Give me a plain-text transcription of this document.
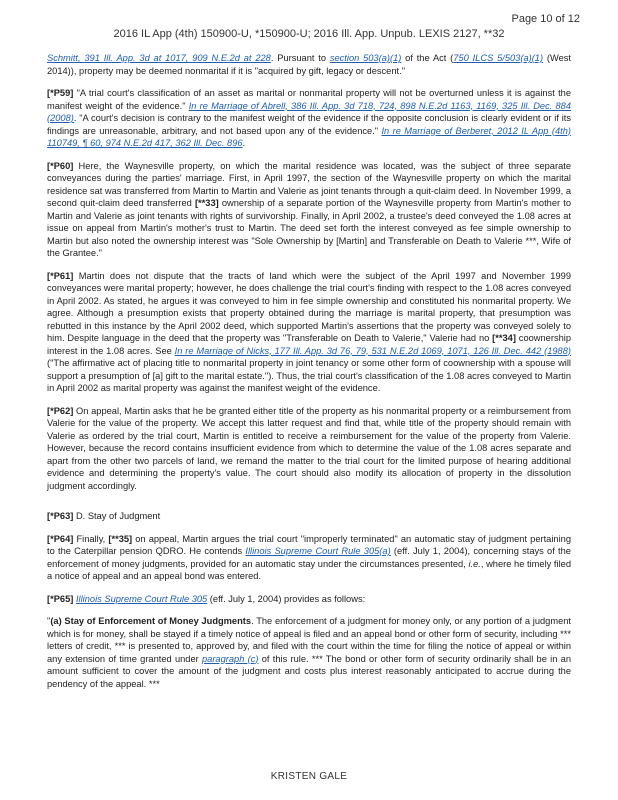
Page 10 of 12
2016 IL App (4th) 150900-U, *150900-U; 2016 Ill. App. Unpub. LEXIS 2127, **32

Schmitt, 391 Ill. App. 3d at 1017, 909 N.E.2d at 228. Pursuant to section 503(a)(1) of the Act (750 ILCS 5/503(a)(1) (West 2014)), property may be deemed nonmarital if it is "acquired by gift, legacy or descent."

[*P59] "A trial court's classification of an asset as marital or nonmarital property will not be overturned unless it is against the manifest weight of the evidence." In re Marriage of Abrell, 386 Ill. App. 3d 718, 724, 898 N.E.2d 1163, 1169, 325 Ill. Dec. 884 (2008). "A court's decision is contrary to the manifest weight of the evidence if the opposite conclusion is clearly evident or if its findings are unreasonable, arbitrary, and not based upon any of the evidence." In re Marriage of Berberet, 2012 IL App (4th) 110749, ¶ 60, 974 N.E.2d 417, 362 Ill. Dec. 896.

[*P60] Here, the Waynesville property, on which the marital residence was located, was the subject of three separate conveyances during the parties' marriage. First, in April 1997, the section of the Waynesville property on which the marital residence sat was transferred from Martin to Martin and Valerie as joint tenants through a quit-claim deed. In November 1999, a second quit-claim deed transferred [**33] ownership of a separate portion of the Waynesville property from Martin's mother to Martin and Valerie as joint tenants with rights of survivorship. Finally, in April 2002, a trustee's deed conveyed the 1.08 acres at issue on appeal from Martin's mother's trust to Martin. The deed set forth the interest conveyed as fee simple ownership to Martin but also noted the ownership interest was "Sole Ownership by [Martin] and Transferable on Death to Valerie ***, Wife of the Grantee."

[*P61] Martin does not dispute that the tracts of land which were the subject of the April 1997 and November 1999 conveyances were marital property; however, he does challenge the trial court's finding with respect to the 1.08 acres conveyed in April 2002. As stated, he argues it was conveyed to him in fee simple ownership and constituted his nonmarital property. We agree. Although a presumption exists that property obtained during the marriage is marital property, that presumption was rebutted in this instance by the April 2002 deed, which supported Martin's assertions that the property was conveyed solely to him. Despite language in the deed that the property was "Transferable on Death to Valerie," Valerie had no [**34] coownership interest in the 1.08 acres. See In re Marriage of Nicks, 177 Ill. App. 3d 76, 79, 531 N.E.2d 1069, 1071, 126 Ill. Dec. 442 (1988) ("The affirmative act of placing title to nonmarital property in joint tenancy or some other form of coownership with a spouse will support a presumption of [a] gift to the marital estate."). Thus, the trial court's classification of the 1.08 acres conveyed to Martin in April 2002 as marital property was against the manifest weight of the evidence.

[*P62] On appeal, Martin asks that he be granted either title of the property as his nonmarital property or a reimbursement from Valerie for the value of the property. We accept this latter request and find that, while title of the property should remain with Valerie as ordered by the trial court, Martin is entitled to receive a reimbursement for the value of the property from Valerie. However, because the record contains insufficient evidence from which to determine the value of the 1.08 acres separate and apart from the other two parcels of land, we remand the matter to the trial court for the limited purpose of hearing additional evidence and determining the property's value. The court should also modify its allocation of property in the dissolution judgment accordingly.

[*P63] D. Stay of Judgment

[*P64] Finally, [**35] on appeal, Martin argues the trial court "improperly terminated" an automatic stay of judgment pertaining to the Caterpillar pension QDRO. He contends Illinois Supreme Court Rule 305(a) (eff. July 1, 2004), concerning stays of the enforcement of money judgments, provided for an automatic stay under the circumstances presented, i.e., where he timely filed a notice of appeal and an appeal bond was entered.

[*P65] Illinois Supreme Court Rule 305 (eff. July 1, 2004) provides as follows:

"(a) Stay of Enforcement of Money Judgments. The enforcement of a judgment for money only, or any portion of a judgment which is for money, shall be stayed if a timely notice of appeal is filed and an appeal bond or other form of security, including *** letters of credit, *** is presented to, approved by, and filed with the court within the time for filing the notice of appeal or within any extension of time granted under paragraph (c) of this rule. *** The bond or other form of security ordinarily shall be in an amount sufficient to cover the amount of the judgment and costs plus interest reasonably anticipated to accrue during the pendency of the appeal. ***

KRISTEN GALE
